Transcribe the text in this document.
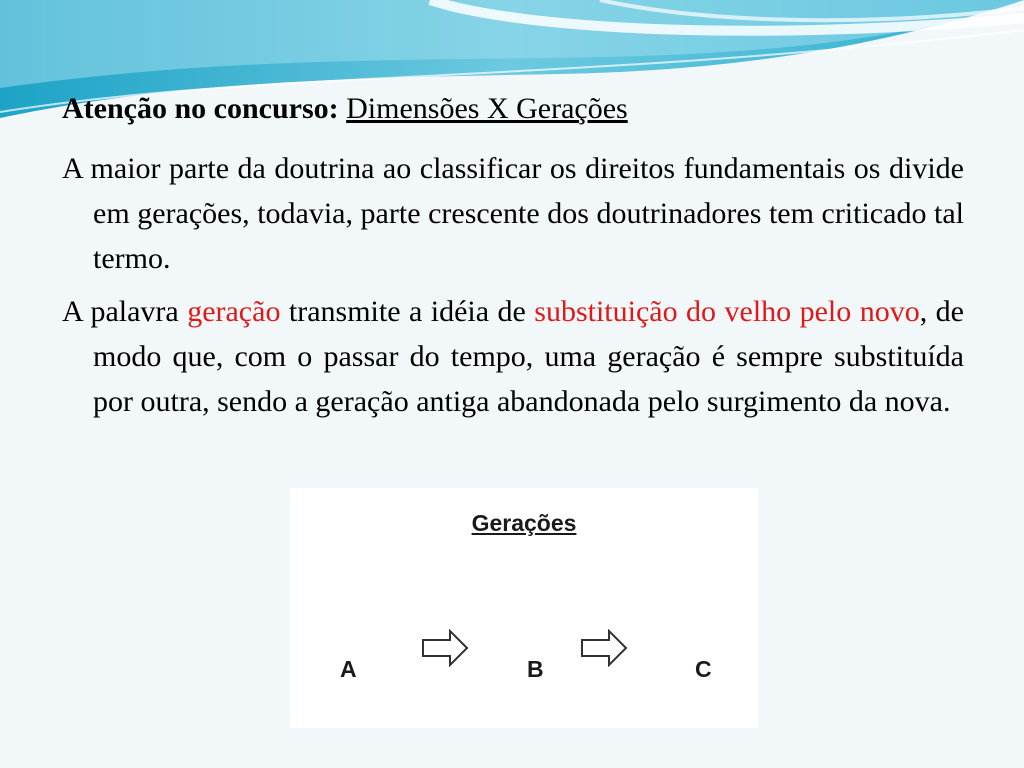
Atenção no concurso: Dimensões X Gerações

A maior parte da doutrina ao classificar os direitos fundamentais os divide em gerações, todavia, parte crescente dos doutrinadores tem criticado tal termo.

A palavra geração transmite a idéia de substituição do velho pelo novo, de modo que, com o passar do tempo, uma geração é sempre substituída por outra, sendo a geração antiga abandonada pelo surgimento da nova.

Gerações
A	B	C
